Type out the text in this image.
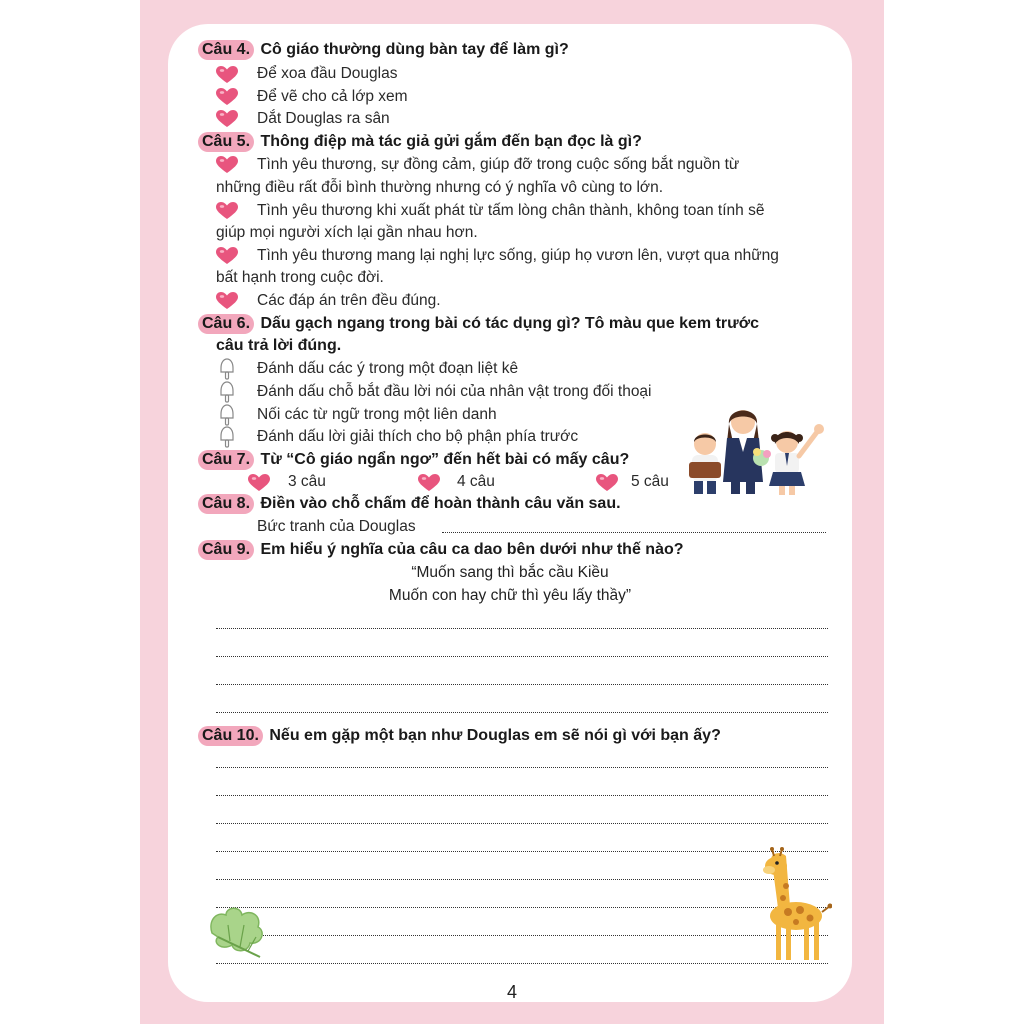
Câu 4. Cô giáo thường dùng bàn tay để làm gì?
Để xoa đầu Douglas
Để vẽ cho cả lớp xem
Dắt Douglas ra sân
Câu 5. Thông điệp mà tác giả gửi gắm đến bạn đọc là gì?
Tình yêu thương, sự đồng cảm, giúp đỡ trong cuộc sống bắt nguồn từ
những điều rất đỗi bình thường nhưng có ý nghĩa vô cùng to lớn.
Tình yêu thương khi xuất phát từ tấm lòng chân thành, không toan tính sẽ
giúp mọi người xích lại gần nhau hơn.
Tình yêu thương mang lại nghị lực sống, giúp họ vươn lên, vượt qua những
bất hạnh trong cuộc đời.
Các đáp án trên đều đúng.
Câu 6. Dấu gạch ngang trong bài có tác dụng gì? Tô màu que kem trước
câu trả lời đúng.
Đánh dấu các ý trong một đoạn liệt kê
Đánh dấu chỗ bắt đầu lời nói của nhân vật trong đối thoại
Nối các từ ngữ trong một liên danh
Đánh dấu lời giải thích cho bộ phận phía trước
Câu 7. Từ “Cô giáo ngẩn ngơ” đến hết bài có mấy câu?
3 câu	4 câu	5 câu
Câu 8. Điền vào chỗ chấm để hoàn thành câu văn sau.
Bức tranh của Douglas
Câu 9. Em hiểu ý nghĩa của câu ca dao bên dưới như thế nào?
“Muốn sang thì bắc cầu Kiều
Muốn con hay chữ thì yêu lấy thầy”
Câu 10. Nếu em gặp một bạn như Douglas em sẽ nói gì với bạn ấy?
4
